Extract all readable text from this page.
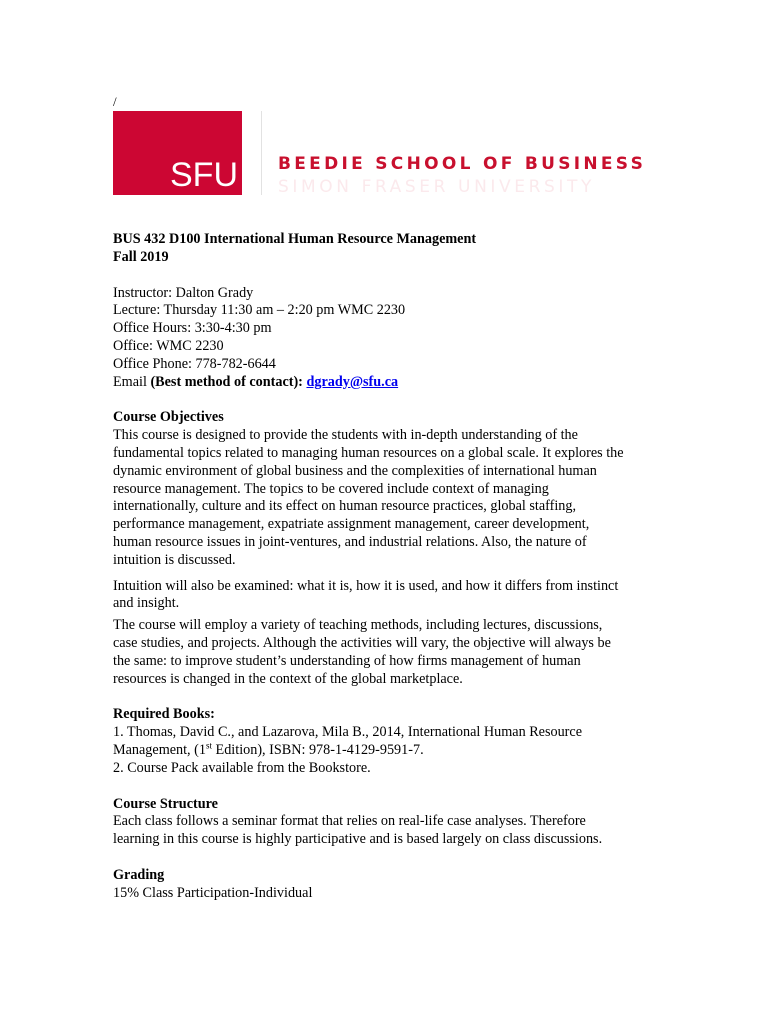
/
SFU BEEDIE SCHOOL OF BUSINESS
SIMON FRASER UNIVERSITY

BUS 432 D100 International Human Resource Management

Fall 2019

Instructor: Dalton Grady

Lecture: Thursday 11:30 am – 2:20 pm WMC 2230

Office Hours: 3:30-4:30 pm

Office: WMC 2230

Office Phone: 778-782-6644

Email (Best method of contact): dgrady@sfu.ca

Course Objectives

This course is designed to provide the students with in-depth understanding of the

fundamental topics related to managing human resources on a global scale. It explores the

dynamic environment of global business and the complexities of international human

resource management. The topics to be covered include context of managing

internationally, culture and its effect on human resource practices, global staffing,

performance management, expatriate assignment management, career development,

human resource issues in joint-ventures, and industrial relations. Also, the nature of

intuition is discussed.

Intuition will also be examined: what it is, how it is used, and how it differs from instinct

and insight.

The course will employ a variety of teaching methods, including lectures, discussions,

case studies, and projects. Although the activities will vary, the objective will always be

the same: to improve student’s understanding of how firms management of human

resources is changed in the context of the global marketplace.

Required Books:

1. Thomas, David C., and Lazarova, Mila B., 2014, International Human Resource

Management, (1st Edition), ISBN: 978-1-4129-9591-7.

2. Course Pack available from the Bookstore.

Course Structure

Each class follows a seminar format that relies on real-life case analyses. Therefore

learning in this course is highly participative and is based largely on class discussions.

Grading

15% Class Participation-Individual
